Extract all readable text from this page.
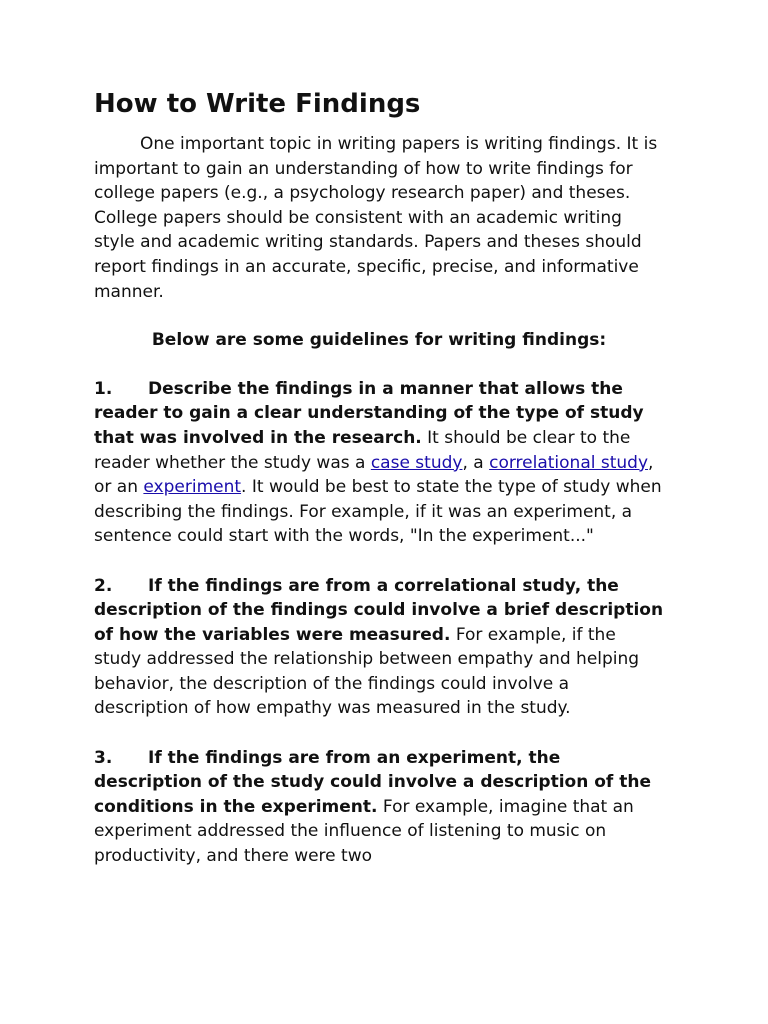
How to Write Findings

One important topic in writing papers is writing findings. It is important to gain an understanding of how to write findings for college papers (e.g., a psychology research paper) and theses. College papers should be consistent with an academic writing style and academic writing standards. Papers and theses should report findings in an accurate, specific, precise, and informative manner.

Below are some guidelines for writing findings:

1. Describe the findings in a manner that allows the reader to gain a clear understanding of the type of study that was involved in the research. It should be clear to the reader whether the study was a case study, a correlational study, or an experiment. It would be best to state the type of study when describing the findings. For example, if it was an experiment, a sentence could start with the words, "In the experiment..."

2. If the findings are from a correlational study, the description of the findings could involve a brief description of how the variables were measured. For example, if the study addressed the relationship between empathy and helping behavior, the description of the findings could involve a description of how empathy was measured in the study.

3. If the findings are from an experiment, the description of the study could involve a description of the conditions in the experiment. For example, imagine that an experiment addressed the influence of listening to music on productivity, and there were two
